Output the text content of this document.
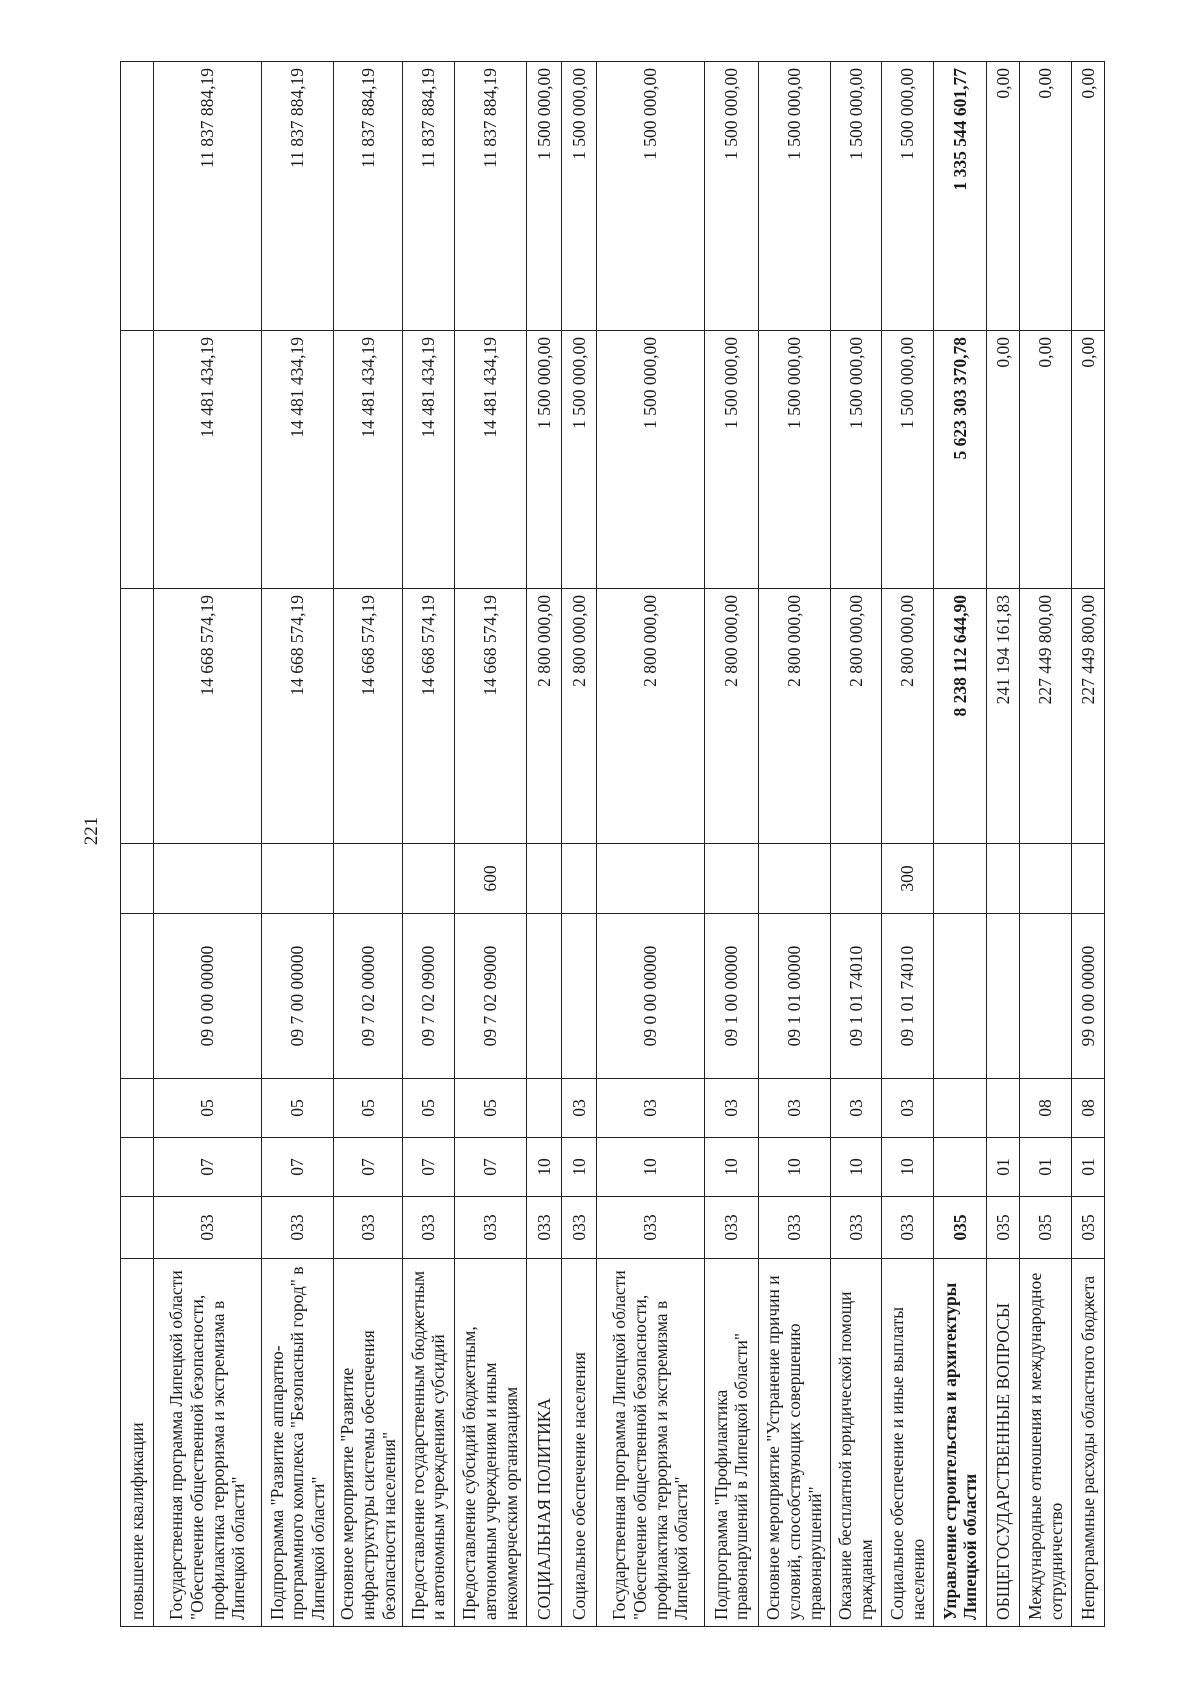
221
повышение квалификации								
Государственная программа Липецкой области "Обеспечение общественной безопасности, профилактика терроризма и экстремизма в Липецкой области"	033	07	05	09 0 00 00000		14 668 574,19	14 481 434,19	11 837 884,19
Подпрограмма "Развитие аппаратно-программного комплекса "Безопасный город" в Липецкой области"	033	07	05	09 7 00 00000		14 668 574,19	14 481 434,19	11 837 884,19
Основное мероприятие "Развитие инфраструктуры системы обеспечения безопасности населения"	033	07	05	09 7 02 00000		14 668 574,19	14 481 434,19	11 837 884,19
Предоставление государственным бюджетным и автономным учреждениям субсидий	033	07	05	09 7 02 09000		14 668 574,19	14 481 434,19	11 837 884,19
Предоставление субсидий бюджетным, автономным учреждениям и иным некоммерческим организациям	033	07	05	09 7 02 09000	600	14 668 574,19	14 481 434,19	11 837 884,19
СОЦИАЛЬНАЯ ПОЛИТИКА	033	10				2 800 000,00	1 500 000,00	1 500 000,00
Социальное обеспечение населения	033	10	03			2 800 000,00	1 500 000,00	1 500 000,00
Государственная программа Липецкой области "Обеспечение общественной безопасности, профилактика терроризма и экстремизма в Липецкой области"	033	10	03	09 0 00 00000		2 800 000,00	1 500 000,00	1 500 000,00
Подпрограмма "Профилактика правонарушений в Липецкой области"	033	10	03	09 1 00 00000		2 800 000,00	1 500 000,00	1 500 000,00
Основное мероприятие "Устранение причин и условий, способствующих совершению правонарушений"	033	10	03	09 1 01 00000		2 800 000,00	1 500 000,00	1 500 000,00
Оказание бесплатной юридической помощи гражданам	033	10	03	09 1 01 74010		2 800 000,00	1 500 000,00	1 500 000,00
Социальное обеспечение и иные выплаты населению	033	10	03	09 1 01 74010	300	2 800 000,00	1 500 000,00	1 500 000,00
Управление строительства и архитектуры Липецкой области	035					8 238 112 644,90	5 623 303 370,78	1 335 544 601,77
ОБЩЕГОСУДАРСТВЕННЫЕ ВОПРОСЫ	035	01				241 194 161,83	0,00	0,00
Международные отношения и международное сотрудничество	035	01	08			227 449 800,00	0,00	0,00
Непрограммные расходы областного бюджета	035	01	08	99 0 00 00000		227 449 800,00	0,00	0,00
